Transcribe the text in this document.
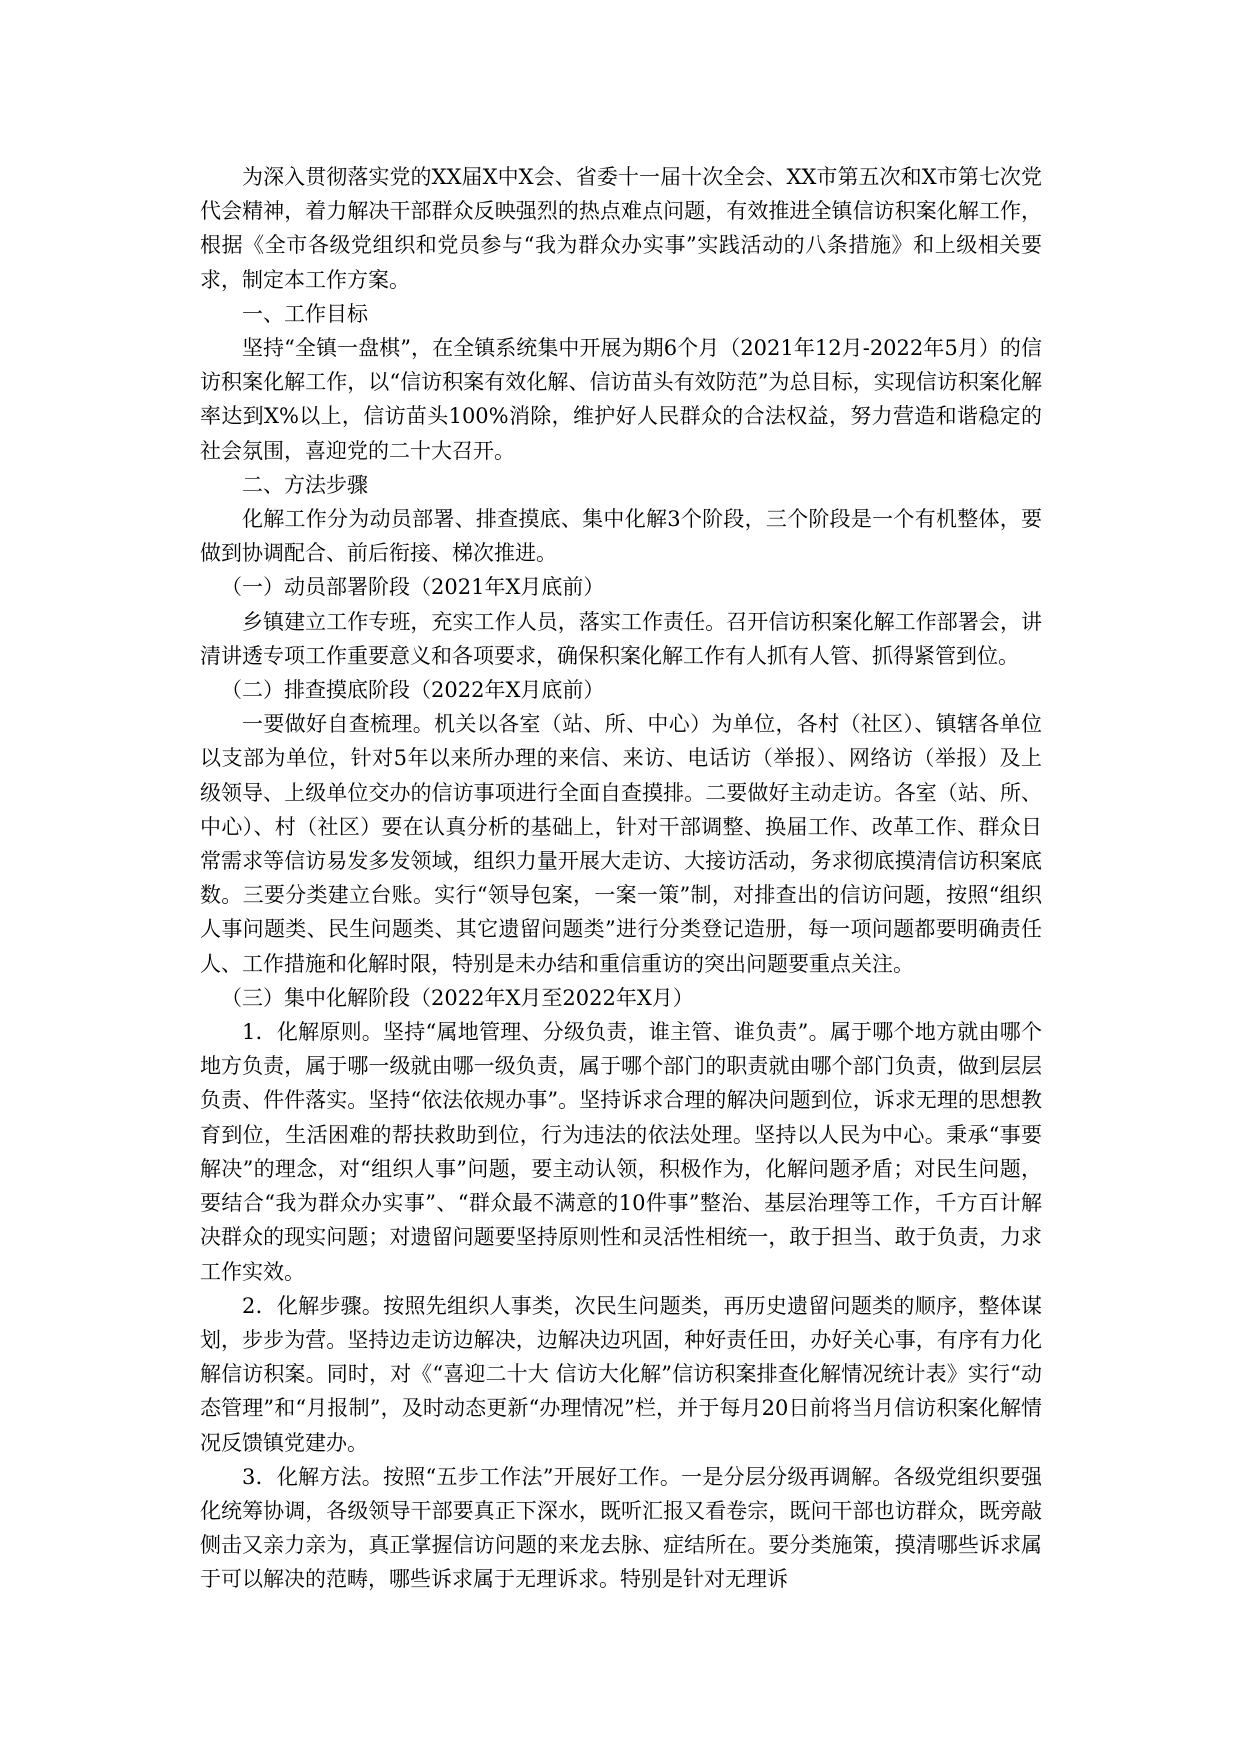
为深入贯彻落实党的XX届X中X会、省委十一届十次全会、XX市第五次和X市第七次党代会精神，着力解决干部群众反映强烈的热点难点问题，有效推进全镇信访积案化解工作，根据《全市各级党组织和党员参与“我为群众办实事”实践活动的八条措施》和上级相关要求，制定本工作方案。

一、工作目标

坚持“全镇一盘棋”，在全镇系统集中开展为期6个月（2021年12月-2022年5月）的信访积案化解工作，以“信访积案有效化解、信访苗头有效防范”为总目标，实现信访积案化解率达到X%以上，信访苗头100%消除，维护好人民群众的合法权益，努力营造和谐稳定的社会氛围，喜迎党的二十大召开。

二、方法步骤

化解工作分为动员部署、排查摸底、集中化解3个阶段，三个阶段是一个有机整体，要做到协调配合、前后衔接、梯次推进。

（一）动员部署阶段（2021年X月底前）

乡镇建立工作专班，充实工作人员，落实工作责任。召开信访积案化解工作部署会，讲清讲透专项工作重要意义和各项要求，确保积案化解工作有人抓有人管、抓得紧管到位。

（二）排查摸底阶段（2022年X月底前）

一要做好自查梳理。机关以各室（站、所、中心）为单位，各村（社区）、镇辖各单位以支部为单位，针对5年以来所办理的来信、来访、电话访（举报）、网络访（举报）及上级领导、上级单位交办的信访事项进行全面自查摸排。二要做好主动走访。各室（站、所、中心）、村（社区）要在认真分析的基础上，针对干部调整、换届工作、改革工作、群众日常需求等信访易发多发领域，组织力量开展大走访、大接访活动，务求彻底摸清信访积案底数。三要分类建立台账。实行“领导包案，一案一策”制，对排查出的信访问题，按照“组织人事问题类、民生问题类、其它遗留问题类”进行分类登记造册，每一项问题都要明确责任人、工作措施和化解时限，特别是未办结和重信重访的突出问题要重点关注。

（三）集中化解阶段（2022年X月至2022年X月）

1．化解原则。坚持“属地管理、分级负责，谁主管、谁负责”。属于哪个地方就由哪个地方负责，属于哪一级就由哪一级负责，属于哪个部门的职责就由哪个部门负责，做到层层负责、件件落实。坚持“依法依规办事”。坚持诉求合理的解决问题到位，诉求无理的思想教育到位，生活困难的帮扶救助到位，行为违法的依法处理。坚持以人民为中心。秉承“事要解决”的理念，对“组织人事”问题，要主动认领，积极作为，化解问题矛盾；对民生问题，要结合“我为群众办实事”、“群众最不满意的10件事”整治、基层治理等工作，千方百计解决群众的现实问题；对遗留问题要坚持原则性和灵活性相统一，敢于担当、敢于负责，力求工作实效。

2．化解步骤。按照先组织人事类，次民生问题类，再历史遗留问题类的顺序，整体谋划，步步为营。坚持边走访边解决，边解决边巩固，种好责任田，办好关心事，有序有力化解信访积案。同时，对《“喜迎二十大 信访大化解”信访积案排查化解情况统计表》实行“动态管理”和“月报制”，及时动态更新“办理情况”栏，并于每月20日前将当月信访积案化解情况反馈镇党建办。

3．化解方法。按照“五步工作法”开展好工作。一是分层分级再调解。各级党组织要强化统筹协调，各级领导干部要真正下深水，既听汇报又看卷宗，既问干部也访群众，既旁敲侧击又亲力亲为，真正掌握信访问题的来龙去脉、症结所在。要分类施策，摸清哪些诉求属于可以解决的范畴，哪些诉求属于无理诉求。特别是针对无理诉
